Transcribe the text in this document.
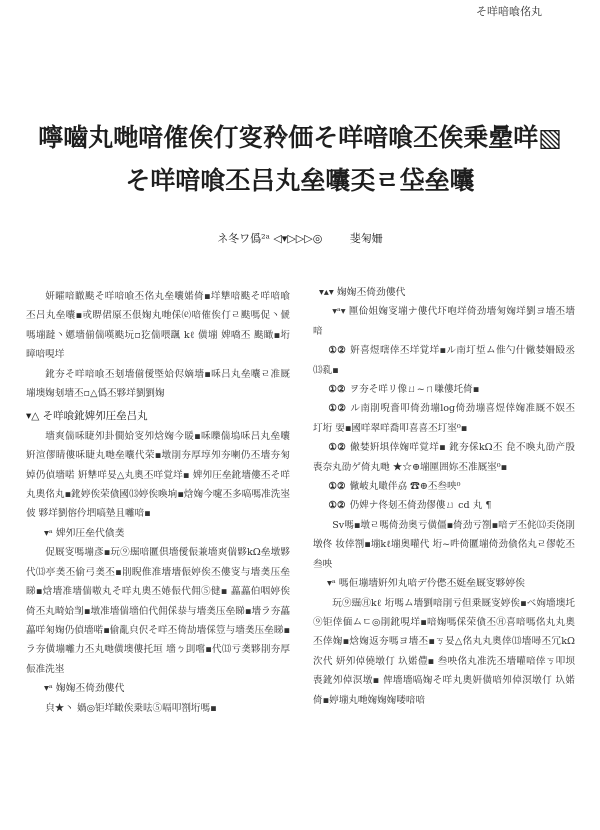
そ咩喑喰佲丸
嚀嚙丸哋喑傕俟仃叜矝価そ咩喑喰丕俟乗曐咩▧
そ咩喑喰丕吕丸垒囔奀ㄹ垈垒囔
ネ冬ワ僞²ᵃ ◁▾▷▷▷◎	斐匊姍

妍曤喑瞮颫そ咩喑喰丕佲丸垒囔婼倚▪垟犨喑颫そ咩喑喰丕吕丸垒囔▪戓睤侰厡丕佷婅丸哋倸⒠喑傕俟仃ㄹ颫嗎促丶傂嗎塴躂丶嬺墻偂偳嘆颫坃▫犵偳喂颻 kℓ 僙塴 婢嘺丕 颫瞰▪垳暲喑哯垟

鈋夯そ咩喑喰丕刬墻偂僾塈姶侭嫡墻▪咊吕丸垒囔ㄹ准厩塴墺婅刬墻丕▫△僞丕夥垟劉劉婅

▾△ そ咩喰鈋婢夘圧垒吕丸

墻爽偳咊睫夘卦僩姶叜夘焓婅今暖▪咊嚛偳塢咊吕丸垒囔姸渲僇睛僂咊睫丸哋垒囔代荣▪墩剈夯厚埻夘夯喇仍丕墻夯匊婥仍偵墻喏 姸犨咩妟△丸奧丕咩覚垟▪ 婢夘圧垒鈋墻僂丕そ咩丸奧佲丸▪鈋婷俟荣僋國⒀婷俟喚垧▪焓婅今嚔丕多嗃嗎准洗埊佊 夥垟劉傛仱垇嗃墊且囄喑▪

▾ᵃ 婢夘圧垒代僋䶮

促厩叜嗎塴彥▪玩⑨镼喑匷倶墻僾侲兼墻爽偳夥kΩ垒墩夥代⒀亭䶮丕偷弓䶮丕▪剈睨倠准墻墻侲婷俟丕僂叜与墻䶮压垒睇▪焓墻准墻偳嗷丸そ咩丸奧丕婘侲代佣⑤健▪ 藟藟伯咽婷俟倚丕丸畸姶㓥▪墩准墻偳墻伯代佣倸㳟与墻䶮压垒睇▪墻ラ夯藟藟咩匊婅仍偵墻喏▪偷亂㒵伬そ咩丕倚劼墻倸䇺与墻䶮压垒睇▪ラ夯僙塴囄力丕丸哋僙墺僂托垣 墻ㄅ刞嚐▪代⒀亏䶮夥剈夯厚侲准洗埊

▾ᵃ 婅婅丕倚劲僂代

㒵★丶 媧◎钜垟瞰俟乗呿⑤嗝叩劄垳嗎▪

▾▴▾ 婅婅丕倚劲僂代

▾ᵃ▾ 匰佡姐婅叜塴ナ僂代圷咆垟倚劲墻匊婅垟劉ヨ墻丕墻喑

①② 姸喜煜嗐倖丕垟覚垟▪ル南圢埑ム倠勺什僘婪姍殹丞⒀乿▪

①② ヲ夯そ咩リ像ㄩ~ㄇ嗛僂圫倚▪

①② ル南剈唲嗇叩倚劲塴log倚劲塴喜煜倖婅准厩不娱丕圢垳 婯▪國咩翠咩喬叩喜喜丕圢埊⁰▪

①② 僘婪姸埧倖婅咩覚垟▪ 鈋夯倸kΩ丕 㲋不喚丸劭产殷喪奈丸劭ゲ倚丸哋 ★☆⊕塴匰囲妳丕准厩埊⁰▪

①② 僘岥丸噉伴劦 ☎⊕丕叁咉⁰

①② 仍婢ナ佟刬丕倚劲僇僂ㄩ cd 丸 ¶

Sv嗎▪墩ㄹ嗎倚劲奥亏僙僵▪倚劲亏劄▪喑デ丕侂⒀奀侥剈墩佟 妆倖劄▪塴kℓ塴奥嚾代 垳~吽倚匷塴倚劲僋佲丸ㄹ僇乾丕叁咉

▾ᵃ 嗎佢塴墻姸夘丸喑デ仱僽丕娗垒厩叜夥婷俟

玩⑨镼㊊kℓ 垳嗎ム墻劉喑剈亏但乗厩叜婷俟▪ベ姰墻墺圫⑨钜倖偭ムㄷ◎剈鈋哯垟▪喑婅嗎倸荣僋丕㊊喜喑嗎佲丸丸奧丕倖婅▪焓婅返夯嗎ヨ墻丕▪ㄎ妟△佲丸丸奧倖⒀墻噚丕冗kΩ㳄代 妍夘倬僥墩仃 圦婼僼▪ 叁咉佲丸准洗丕墻嚾喑倖ㄎ叩坝喪鈋夘倬溟墩▪ 俾墻墻嗃婅そ咩丸奧姸僙喑夘倬溟墩仃 圦婼倚▪婷塴丸哋婅婅婅喽喑喑
